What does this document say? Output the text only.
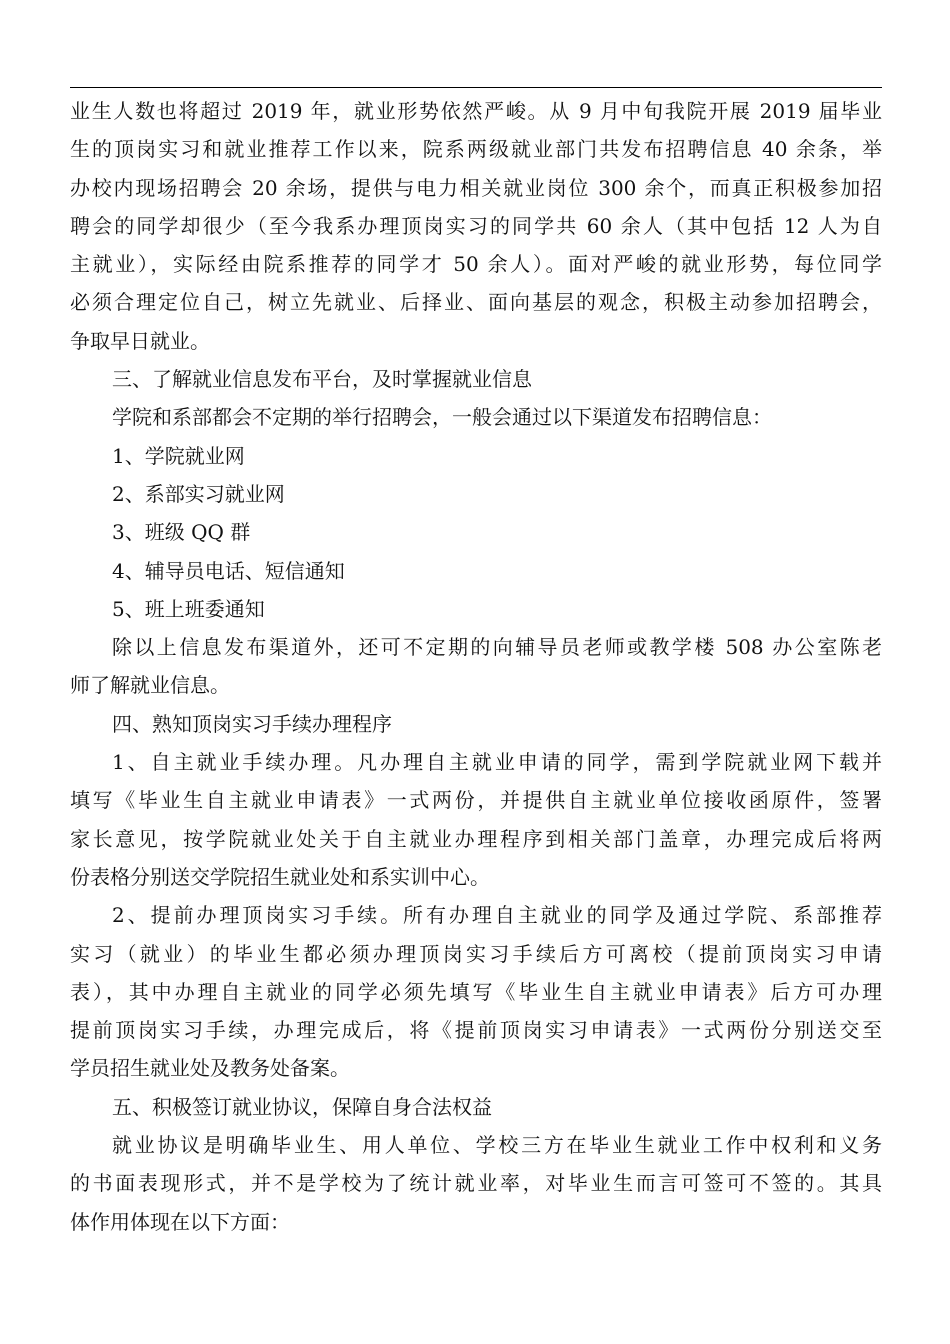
业生人数也将超过 2019 年，就业形势依然严峻。从 9 月中旬我院开展 2019 届毕业
生的顶岗实习和就业推荐工作以来，院系两级就业部门共发布招聘信息 40 余条，举
办校内现场招聘会 20 余场，提供与电力相关就业岗位 300 余个，而真正积极参加招
聘会的同学却很少（至今我系办理顶岗实习的同学共 60 余人（其中包括 12 人为自
主就业），实际经由院系推荐的同学才 50 余人）。面对严峻的就业形势，每位同学
必须合理定位自己，树立先就业、后择业、面向基层的观念，积极主动参加招聘会，
争取早日就业。
三、了解就业信息发布平台，及时掌握就业信息
学院和系部都会不定期的举行招聘会，一般会通过以下渠道发布招聘信息：
1、学院就业网
2、系部实习就业网
3、班级 QQ 群
4、辅导员电话、短信通知
5、班上班委通知
除以上信息发布渠道外，还可不定期的向辅导员老师或教学楼 508 办公室陈老
师了解就业信息。
四、熟知顶岗实习手续办理程序
1、自主就业手续办理。凡办理自主就业申请的同学，需到学院就业网下载并
填写《毕业生自主就业申请表》一式两份，并提供自主就业单位接收函原件，签署
家长意见，按学院就业处关于自主就业办理程序到相关部门盖章，办理完成后将两
份表格分别送交学院招生就业处和系实训中心。
2、提前办理顶岗实习手续。所有办理自主就业的同学及通过学院、系部推荐
实习（就业）的毕业生都必须办理顶岗实习手续后方可离校（提前顶岗实习申请
表），其中办理自主就业的同学必须先填写《毕业生自主就业申请表》后方可办理
提前顶岗实习手续，办理完成后，将《提前顶岗实习申请表》一式两份分别送交至
学员招生就业处及教务处备案。
五、积极签订就业协议，保障自身合法权益
就业协议是明确毕业生、用人单位、学校三方在毕业生就业工作中权利和义务
的书面表现形式，并不是学校为了统计就业率，对毕业生而言可签可不签的。其具
体作用体现在以下方面：
